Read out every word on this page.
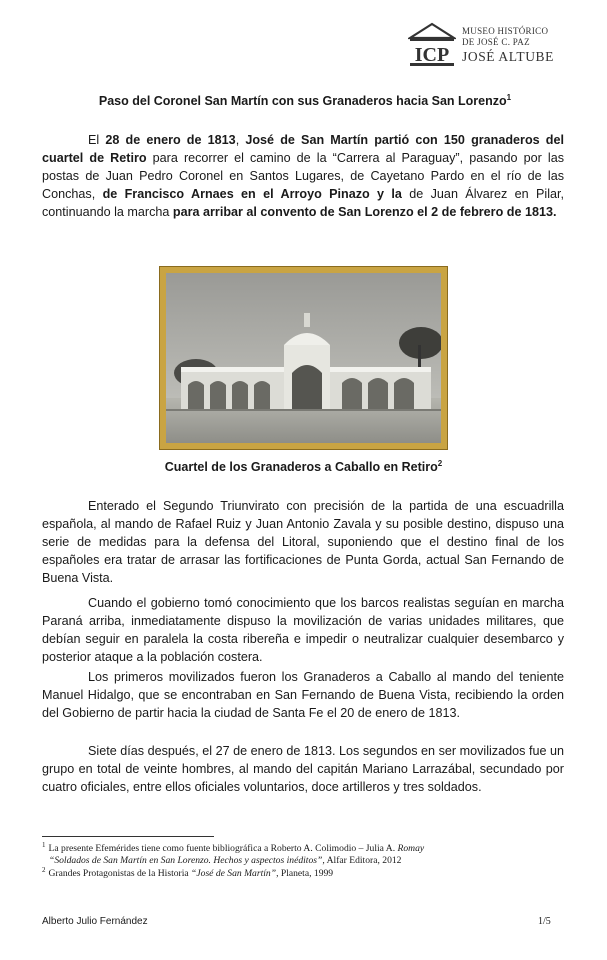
ICP
MUSEO HISTÓRICO
DE JOSÉ C. PAZ
JOSÉ ALTUBE
Paso del Coronel San Martín con sus Granaderos hacia San Lorenzo$^1$

El 28 de enero de 1813, José de San Martín partió con 150 granaderos del cuartel de Retiro para recorrer el camino de la “Carrera al Paraguay”, pasando por las postas de Juan Pedro Coronel en Santos Lugares, de Cayetano Pardo en el río de las Conchas, de Francisco Arnaes en el Arroyo Pinazo y la de Juan Álvarez en Pilar, continuando la marcha para arribar al convento de San Lorenzo el 2 de febrero de 1813.

Cuartel de los Granaderos a Caballo en Retiro$^2$

Enterado el Segundo Triunvirato con precisión de la partida de una escuadrilla española, al mando de Rafael Ruiz y Juan Antonio Zavala y su posible destino, dispuso una serie de medidas para la defensa del Litoral, suponiendo que el destino final de los españoles era tratar de arrasar las fortificaciones de Punta Gorda, actual San Fernando de Buena Vista.

Cuando el gobierno tomó conocimiento que los barcos realistas seguían en marcha Paraná arriba, inmediatamente dispuso la movilización de varias unidades militares, que debían seguir en paralela la costa ribereña e impedir o neutralizar cualquier desembarco y posterior ataque a la población costera.

Los primeros movilizados fueron los Granaderos a Caballo al mando del teniente Manuel Hidalgo, que se encontraban en San Fernando de Buena Vista, recibiendo la orden del Gobierno de partir hacia la ciudad de Santa Fe el 20 de enero de 1813.

Siete días después, el 27 de enero de 1813. Los segundos en ser movilizados fue un grupo en total de veinte hombres, al mando del capitán Mariano Larrazábal, secundado por cuatro oficiales, entre ellos oficiales voluntarios, doce artilleros y tres soldados.

$^1$ La presente Efemérides tiene como fuente bibliográfica a Roberto A. Colimodio – Julia A. Romay

“Soldados de San Martín en San Lorenzo. Hechos y aspectos inéditos”, Alfar Editora, 2012

$^2$ Grandes Protagonistas de la Historia “José de San Martín”, Planeta, 1999

Alberto Julio Fernández	1/5
